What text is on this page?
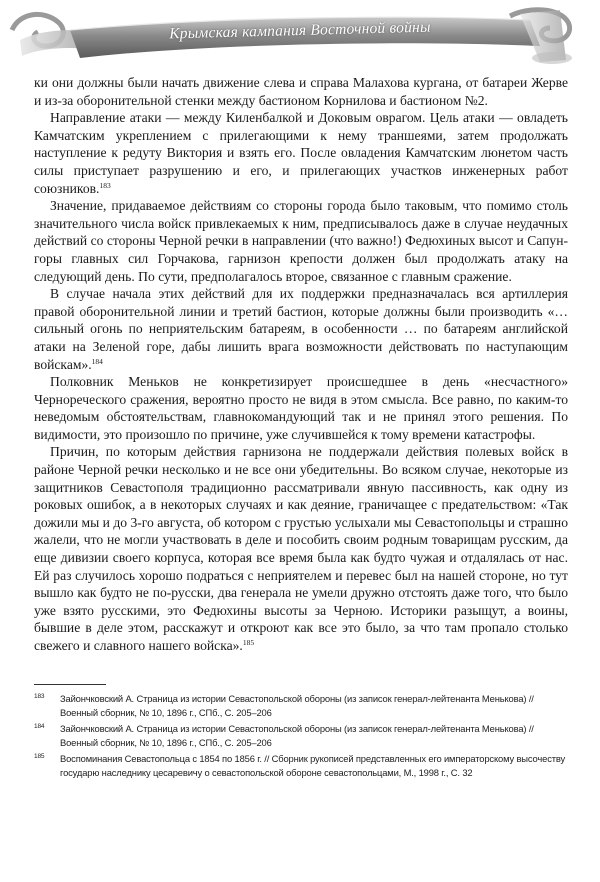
Крымская кампания Восточной войны

ки они должны были начать движение слева и справа Малахова кургана, от батареи Жерве и из-за оборонительной стенки между бастионом Корнилова и бастионом №2.

Направление атаки — между Киленбалкой и Доковым оврагом. Цель атаки — овладеть Камчатским укреплением с прилегающими к нему траншеями, затем продолжать наступление к редуту Виктория и взять его. После овладения Камчатским люнетом часть силы приступает разрушению и его, и прилегающих участков инженерных работ союзников.$^{183}$

Значение, придаваемое действиям со стороны города было таковым, что помимо столь значительного числа войск привлекаемых к ним, предписывалось даже в случае неудачных действий со стороны Черной речки в направлении (что важно!) Федюхиных высот и Сапун-горы главных сил Горчакова, гарнизон крепости должен был продолжать атаку на следующий день. По сути, предполагалось второе, связанное с главным сражение.

В случае начала этих действий для их поддержки предназначалась вся артиллерия правой оборонительной линии и третий бастион, которые должны были производить «…сильный огонь по неприятельским батареям, в особенности … по батареям английской атаки на Зеленой горе, дабы лишить врага возможности действовать по наступающим войскам».$^{184}$

Полковник Меньков не конкретизирует происшедшее в день «несчастного» Чернореческого сражения, вероятно просто не видя в этом смысла. Все равно, по каким-то неведомым обстоятельствам, главнокомандующий так и не принял этого решения. По видимости, это произошло по причине, уже случившейся к тому времени катастрофы.

Причин, по которым действия гарнизона не поддержали действия полевых войск в районе Черной речки несколько и не все они убедительны. Во всяком случае, некоторые из защитников Севастополя традиционно рассматривали явную пассивность, как одну из роковых ошибок, а в некоторых случаях и как деяние, граничащее с предательством: «Так дожили мы и до 3-го августа, об котором с грустью услыхали мы Севастопольцы и страшно жалели, что не могли участвовать в деле и пособить своим родным товарищам русским, да еще дивизии своего корпуса, которая все время была как будто чужая и отдалялась от нас. Ей раз случилось хорошо подраться с неприятелем и перевес был на нашей стороне, но тут вышло как будто не по-русски, два генерала не умели дружно отстоять даже того, что было уже взято русскими, это Федюхины высоты за Черною. Историки разыщут, а воины, бывшие в деле этом, расскажут и откроют как все это было, за что там пропало столько свежего и славного нашего войска».$^{185}$

183 Зайончковский А. Страница из истории Севастопольской обороны (из записок генерал-лейтенанта Менькова) // Военный сборник, № 10, 1896 г., СПб., С. 205–206
184 Зайончковский А. Страница из истории Севастопольской обороны (из записок генерал-лейтенанта Менькова) // Военный сборник, № 10, 1896 г., СПб., С. 205–206
185 Воспоминания Севастопольца с 1854 по 1856 г. // Сборник рукописей представленных его императорскому высочеству государю наследнику цесаревичу о севастопольской обороне севастопольцами, М., 1998 г., С. 32
